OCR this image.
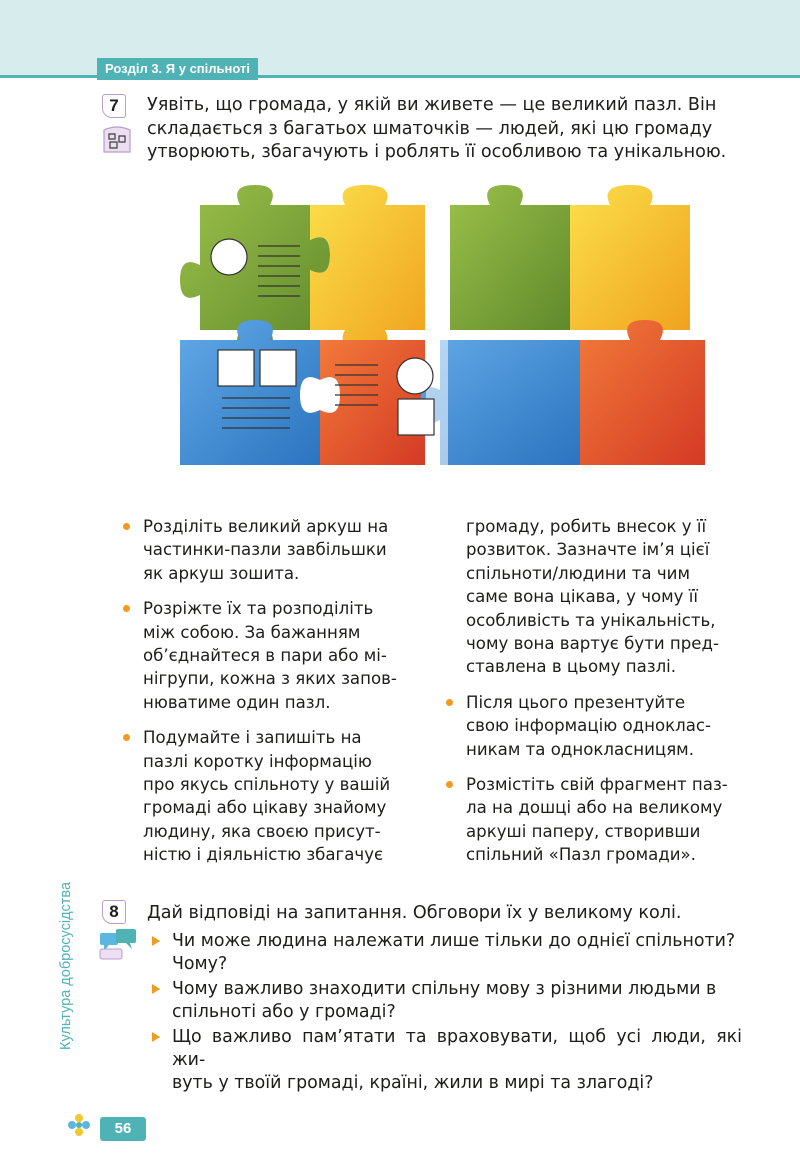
Розділ 3. Я у спільноті
7	Уявіть, що громада, у якій ви живете — це великий пазл. Він
складається з багатьох шматочків — людей, які цю громаду
утворюють, збагачують і роблять її особливою та унікальною.

Розділіть великий аркуш на

частинки-пазли завбільшки

як аркуш зошита.

Розріжте їх та розподіліть

між собою. За бажанням

об’єднайтеся в пари або мі-

нігрупи, кожна з яких запов-

нюватиме один пазл.

Подумайте і запишіть на

пазлі коротку інформацію

про якусь спільноту у вашій

громаді або цікаву знайому

людину, яка своєю присут-

ністю і діяльністю збагачує

громаду, робить внесок у її

розвиток. Зазначте ім’я цієї

спільноти/людини та чим

саме вона цікава, у чому її

особливість та унікальність,

чому вона вартує бути пред-

ставлена в цьому пазлі.

Після цього презентуйте

свою інформацію однoклас-

никам та однокласницям.

Розмістіть свій фрагмент паз-

ла на дошці або на великому

аркуші паперу, створивши

спільний «Пазл громади».

8	Дай відповіді на запитання. Обговори їх у великому колі.
Чи може людина належати лише тільки до однієї спільноти?
Чому?
Чому важливо знаходити спільну мову з різними людьми в
спільноті або у громаді?
Що важливо пам’ятати та враховувати, щоб усі люди, які жи-
вуть у твоїй громаді, країні, жили в мирі та злагоді?
Культура добросусідства
56
